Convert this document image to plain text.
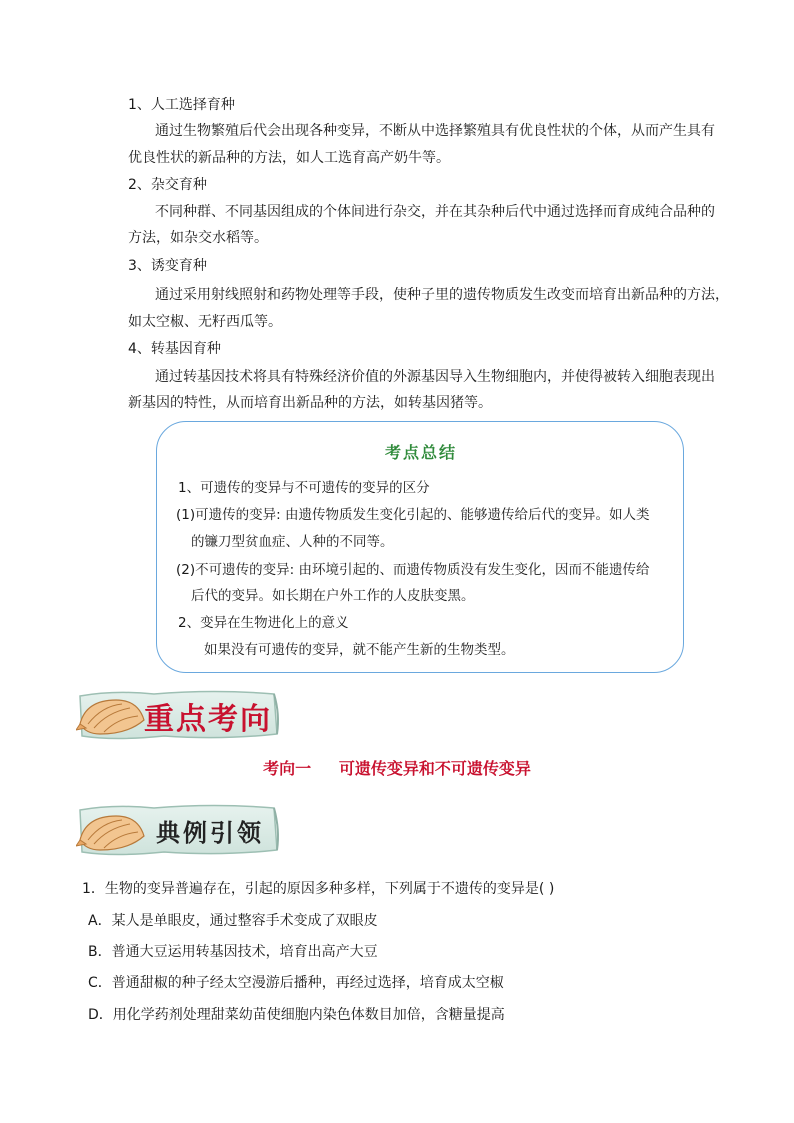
1、人工选择育种
通过生物繁殖后代会出现各种变异，不断从中选择繁殖具有优良性状的个体，从而产生具有
优良性状的新品种的方法，如人工选育高产奶牛等。
2、杂交育种
不同种群、不同基因组成的个体间进行杂交，并在其杂种后代中通过选择而育成纯合品种的
方法，如杂交水稻等。
3、诱变育种
通过采用射线照射和药物处理等手段，使种子里的遗传物质发生改变而培育出新品种的方法，
如太空椒、无籽西瓜等。
4、转基因育种
通过转基因技术将具有特殊经济价值的外源基因导入生物细胞内，并使得被转入细胞表现出
新基因的特性，从而培育出新品种的方法，如转基因猪等。
考点总结
1、可遗传的变异与不可遗传的变异的区分
(1)可遗传的变异: 由遗传物质发生变化引起的、能够遗传给后代的变异。如人类
的镰刀型贫血症、人种的不同等。
(2)不可遗传的变异: 由环境引起的、而遗传物质没有发生变化，因而不能遗传给
后代的变异。如长期在户外工作的人皮肤变黑。
2、变异在生物进化上的意义
如果没有可遗传的变异，就不能产生新的生物类型。
重点考向
考向一     可遗传变异和不可遗传变异
典例引领
1．生物的变异普遍存在，引起的原因多种多样，下列属于不遗传的变异是( )
A．某人是单眼皮，通过整容手术变成了双眼皮
B．普通大豆运用转基因技术，培育出高产大豆
C．普通甜椒的种子经太空漫游后播种，再经过选择，培育成太空椒
D．用化学药剂处理甜菜幼苗使细胞内染色体数目加倍，含糖量提高
